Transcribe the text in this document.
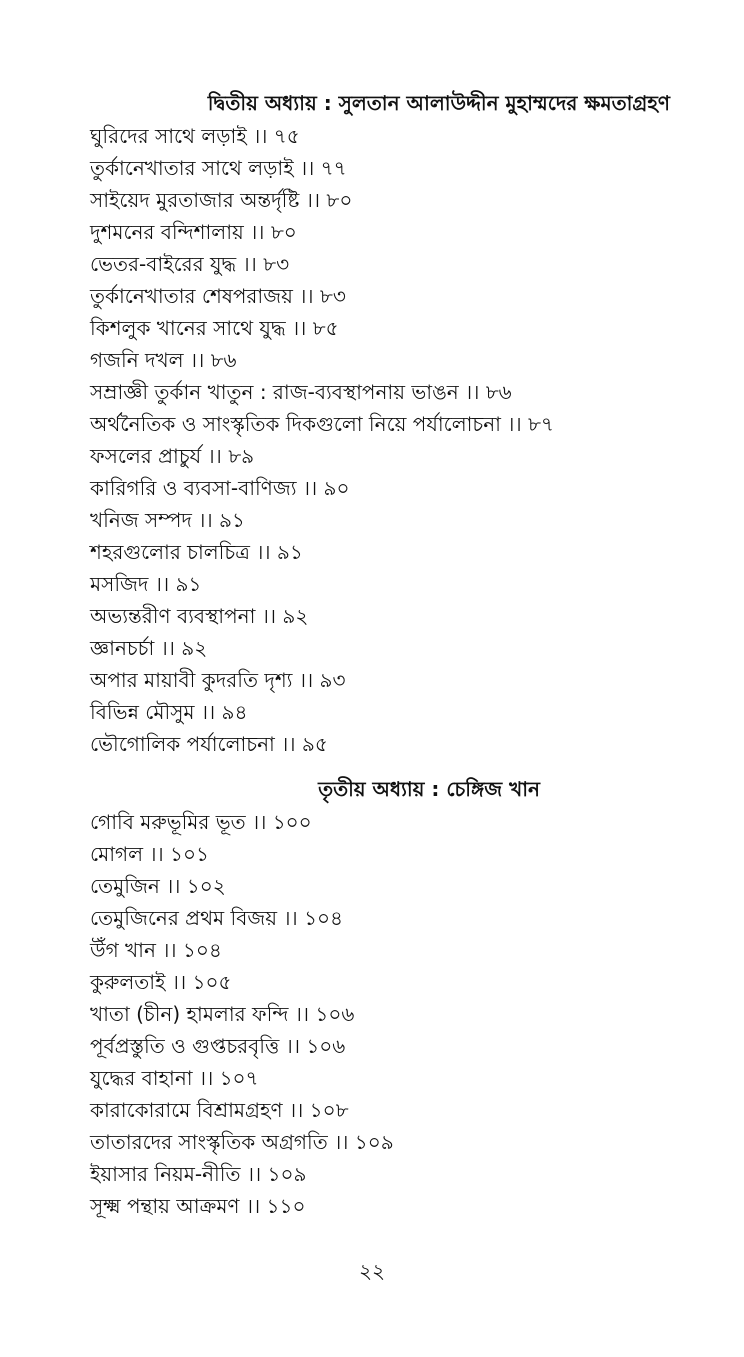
দ্বিতীয় অধ্যায় : সুলতান আলাউদ্দীন মুহাম্মদের ক্ষমতাগ্রহণ
ঘুরিদের সাথে লড়াই ।। ৭৫
তুর্কানেখাতার সাথে লড়াই ।। ৭৭
সাইয়েদ মুরতাজার অন্তর্দৃষ্টি ।। ৮০
দুশমনের বন্দিশালায় ।। ৮০
ভেতর-বাইরের যুদ্ধ ।। ৮৩
তুর্কানেখাতার শেষপরাজয় ।। ৮৩
কিশলুক খানের সাথে যুদ্ধ ।। ৮৫
গজনি দখল ।। ৮৬
সম্রাজ্ঞী তুর্কান খাতুন : রাজ-ব্যবস্থাপনায় ভাঙন ।। ৮৬
অর্থনৈতিক ও সাংস্কৃতিক দিকগুলো নিয়ে পর্যালোচনা ।। ৮৭
ফসলের প্রাচুর্য ।। ৮৯
কারিগরি ও ব্যবসা-বাণিজ্য ।। ৯০
খনিজ সম্পদ ।। ৯১
শহরগুলোর চালচিত্র ।। ৯১
মসজিদ ।। ৯১
অভ্যন্তরীণ ব্যবস্থাপনা ।। ৯২
জ্ঞানচর্চা ।। ৯২
অপার মায়াবী কুদরতি দৃশ্য ।। ৯৩
বিভিন্ন মৌসুম ।। ৯৪
ভৌগোলিক পর্যালোচনা ।। ৯৫
তৃতীয় অধ্যায় : চেঙ্গিজ খান
গোবি মরুভূমির ভূত ।। ১০০
মোগল ।। ১০১
তেমুজিন ।। ১০২
তেমুজিনের প্রথম বিজয় ।। ১০৪
উঁগ খান ।। ১০৪
কুরুলতাই ।। ১০৫
খাতা (চীন) হামলার ফন্দি ।। ১০৬
পূর্বপ্রস্তুতি ও গুপ্তচরবৃত্তি ।। ১০৬
যুদ্ধের বাহানা ।। ১০৭
কারাকোরামে বিশ্রামগ্রহণ ।। ১০৮
তাতারদের সাংস্কৃতিক অগ্রগতি ।। ১০৯
ইয়াসার নিয়ম-নীতি ।। ১০৯
সূক্ষ্ম পন্থায় আক্রমণ ।। ১১০
২২
